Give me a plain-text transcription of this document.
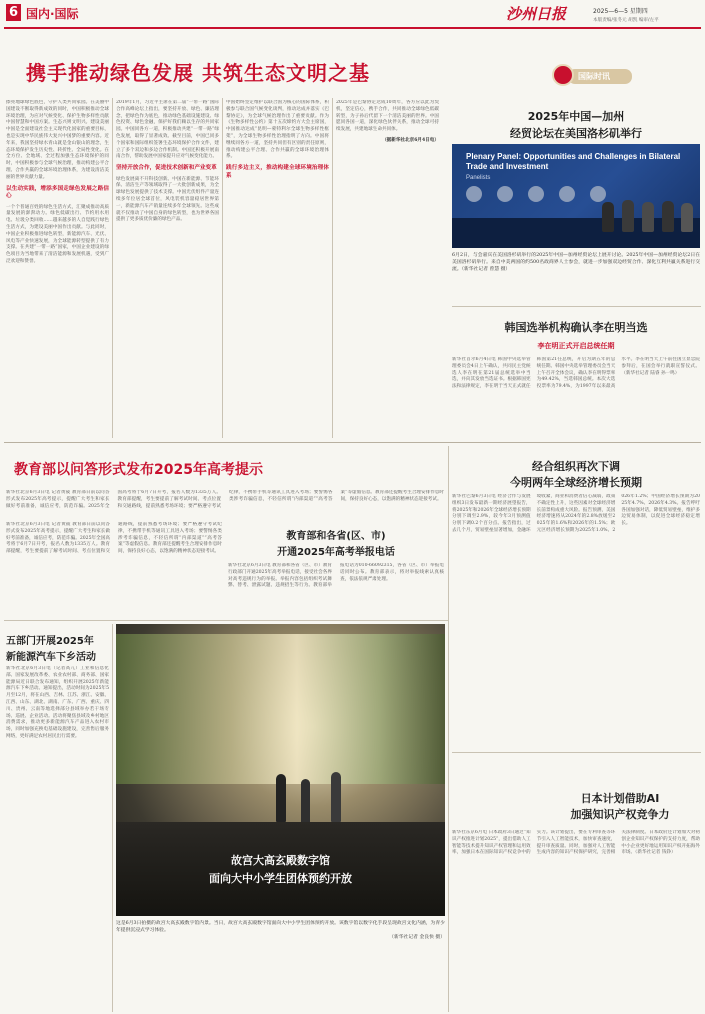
6 国内·国际	沙州日报	2025—6—5 星期四
本版责编/张冬元 胡凯 编审/左平
携手推动绿色发展 共筑生态文明之基
擦亮地球绿色底色，守护人类共同家园。在美丽中国建设不断取得新成效的同时，中国积极推动全球环境治理，为应对气候变化、保护生物多样性贡献中国智慧和中国方案。生态兴则文明兴。建设美丽中国是全面建设社会主义现代化国家的重要目标，也是实现中华民族伟大复兴中国梦的重要内容。近年来，我国坚持绿水青山就是金山银山的理念，生态环境保护发生历史性、转折性、全局性变化。在全方位、全地域、全过程加强生态环境保护的同时，中国积极参与全球气候治理，推动构建公平合理、合作共赢的全球环境治理体系，为建设清洁美丽的世界贡献力量。
以生动实践，增添多国走绿色发展之路信心
一个个普通百姓的绿色生活方式，汇聚成推动高质量发展的澎湃动力。绿色低碳出行、节约用水用电、垃圾分类回收……越来越多的人自觉践行绿色生活方式，为建设美丽中国作出贡献。与此同时，中国企业积极推进绿色转型，新能源汽车、光伏、风电等产业快速发展，为全球能源转型提供了有力支撑。在共建“一带一路”国家，中国企业建设的绿色项目为当地带来了清洁能源和发展机遇，受到广泛欢迎和赞誉。
2019年1月，习近平主席在第二届“一带一路”国际合作高峰论坛上指出，要坚持开放、绿色、廉洁理念，把绿色作为底色，推动绿色基础设施建设、绿色投资、绿色金融，保护好我们赖以生存的共同家园。中国同各方一道，积极推动共建“一带一路”绿色发展，取得了显著成效。截至目前，中国已同多个国家和国际组织签署生态环境保护合作文件，建立了多个双边和多边合作机制。中国还积极开展南南合作，帮助发展中国家提升应对气候变化能力。
坚持开放合作，促进技术创新和产业变革
绿色发展离不开科技创新。中国在新能源、节能环保、清洁生产等领域取得了一大批创新成果，为全球绿色发展提供了技术支撑。中国光伏组件产量连续多年位居全球首位，风电装机容量稳居世界第一，新能源汽车产销量连续多年全球领先。这些成就不仅推动了中国自身的绿色转型，也为世界各国提供了更多质优价廉的绿色产品。
中国始终坚定维护以联合国为核心的国际体系，积极参与联合国气候变化谈判，推动达成并落实《巴黎协定》，为全球气候治理作出了重要贡献。作为《生物多样性公约》第十五次缔约方大会主席国，中国推动达成“昆明—蒙特利尔全球生物多样性框架”，为全球生物多样性治理指明了方向。中国将继续同各方一道，坚持共同但有区别的责任原则，推动构建公平合理、合作共赢的全球环境治理体系。
践行多边主义，推动构建全球环境治理体系
2025年是巴黎协定达成10周年，各方应以此为契机，坚定信心，携手合作，共同推动全球绿色低碳转型，为子孙后代留下一个清洁美丽的世界。中国愿同各国一道，深化绿色伙伴关系，推动全球可持续发展，共建地球生命共同体。
（据新华社北京6月4日电）
国际时讯
2025年中国—加州
经贸论坛在美国洛杉矶举行
Plenary Panel: Opportunities and Challenges in Bilateral Trade and Investment
Panelists
6月2日，与会嘉宾在美国洛杉矶举行的2025年中国—加州经贸论坛上展开讨论。2025年中国—加州经贸论坛2日在美国洛杉矶举行。来自中美两国的约500名政商界人士参会，就进一步加强双边经贸合作、深化互利共赢关系进行交流。（新华社记者 曾慧 摄）
韩国选举机构确认李在明当选
李在明正式开启总统任期
新华社首尔6月4日电 韩国中央选举管理委员会4日上午确认，共同民主党候选人李在明在第21届总统选举中当选，并向其发放当选证书。根据韩国宪法和法律规定，李在明于当天正式就任韩国第21任总统，开启为期五年的总统任期。韩国中央选举管理委员会当天上午召开全体会议，确认李在明得票率为49.42%，当选韩国总统。本次大选投票率为79.4%，为1997年以来最高水平。李在明当天上午前往国立显忠院参拜后，在国会举行就职宣誓仪式。（新华社记者 陆睿 孙一鸣）
教育部以问答形式发布2025年高考提示
新华社北京6月3日电 记者黄筱 教育部日前以问答形式发布2025年高考提示，提醒广大考生和家长做好考前准备，诚信应考，防范诈骗。2025年全国高考将于6月7日开考，报名人数为1335万人。教育部提醒，考生要提前了解考试时间、考点位置和交通路线，提前熟悉考场环境；要严格遵守考试纪律，不携带手机等通讯工具进入考场；要警惕各类涉考诈骗信息，不轻信所谓“内部渠道”“高考答案”等虚假信息。教育部还提醒考生合理安排作息时间，保持良好心态，以饱满的精神状态迎接考试。
新华社北京6月3日电 记者黄筱 教育部日前以问答形式发布2025年高考提示，提醒广大考生和家长做好考前准备，诚信应考，防范诈骗。2025年全国高考将于6月7日开考，报名人数为1335万人。教育部提醒，考生要提前了解考试时间、考点位置和交通路线，提前熟悉考场环境；要严格遵守考试纪律，不携带手机等通讯工具进入考场；要警惕各类涉考诈骗信息，不轻信所谓“内部渠道”“高考答案”等虚假信息。教育部还提醒考生合理安排作息时间，保持良好心态，以饱满的精神状态迎接考试。
教育部和各省(区、市)
开通2025年高考举报电话
新华社北京6月3日电 教育部和各省（区、市）教育行政部门开通2025年高考举报电话，接受社会各界对高考违规行为的举报。举报内容包括组织考试舞弊、替考、泄露试题、违规招生等行为。教育部举报电话为010-66092315，各省（区、市）举报电话同时公布。教育部表示，将对举报线索认真核查，依法依规严肃处理。
经合组织再次下调
今明两年全球经济增长预期
新华社巴黎6月3日电 经济合作与发展组织3日发布最新一期经济展望报告，将2025年和2026年全球经济增长预期分别下调至2.9%，较今年3月预测值分别下调0.2个百分点。报告指出，过去几个月，贸易壁垒显著增加，金融环境收紧，商业和消费者信心减弱，政策不确定性上升，这些因素对全球经济增长前景构成重大风险。报告预测，美国经济增速将从2024年的2.8%放缓至2025年的1.6%和2026年的1.5%；欧元区经济增长预期为2025年1.0%、2026年1.2%；中国经济增长预期为2025年4.7%、2026年4.3%。报告呼吁各国加强对话，降低贸易壁垒，维护多边贸易体制，以促进全球经济稳定增长。
日本计划借助AI
加强知识产权竞争力
新华社东京6月电 日本政府3日通过“知识产权推进计划2025”，提出借助人工智能等技术提升知识产权管理和运用效率，加强日本在国际知识产权竞争中的实力。该计划提出，要在专利审查等环节引入人工智能技术，加快审查速度，提升审查质量。同时，加强对人工智能生成内容的知识产权保护研究，完善相关法律制度。日本政府还计划加大对初创企业知识产权保护的支持力度，帮助中小企业更好地运用知识产权开拓海外市场。（新华社记者 钱铮）
五部门开展2025年
新能源汽车下乡活动
新华社北京6月3日电（记者高亢）工业和信息化部、国家发展改革委、农业农村部、商务部、国家能源局近日联合发布通知，组织开展2025年新能源汽车下乡活动。通知提出，活动时间为2025年5月至12月，将在山西、吉林、江苏、浙江、安徽、江西、山东、湖北、湖南、广东、广西、重庆、四川、贵州、云南等地选择部分县域举办若干场专场、巡展、企业活动。活动将聚焦县域及乡村地区消费需求，推动更多新能源汽车产品进入农村市场，同时加强充换电基础设施建设，完善售后服务网络，更好满足农村居民出行需要。
故宫大高玄殿数字馆
面向大中小学生团体预约开放
这是6月3日拍摄的故宫大高玄殿数字馆内景。当日，故宫大高玄殿数字馆面向大中小学生团体预约开放。该数字馆以数字化手段呈现故宫文化内涵，为青少年提供沉浸式学习体验。
（新华社记者 金良快 摄）
